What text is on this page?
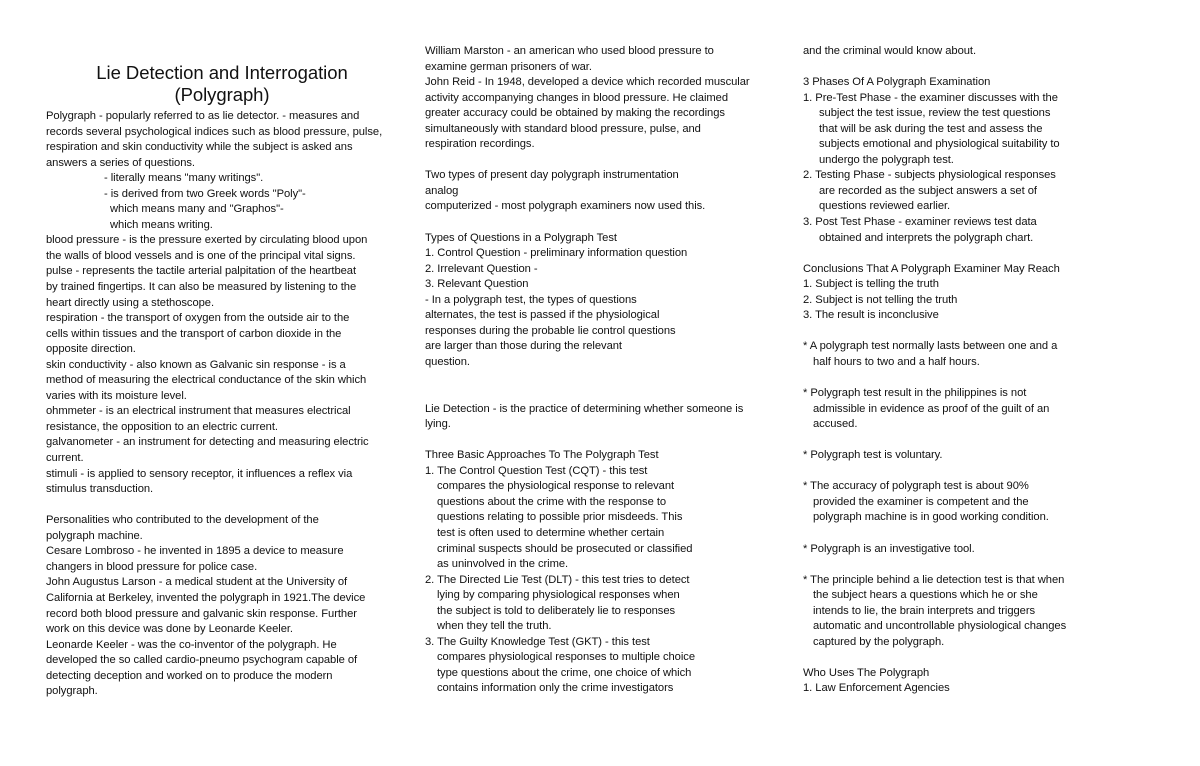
Lie Detection and Interrogation
(Polygraph)
Polygraph - popularly referred to as lie detector. - measures and
records several psychological indices such as blood pressure, pulse,
respiration and skin conductivity while the subject is asked ans
answers a series of questions.
- literally means "many writings".
- is derived from two Greek words "Poly"-
which means many and "Graphos"-
which means writing.
blood pressure - is the pressure exerted by circulating blood upon
the walls of blood vessels and is one of the principal vital signs.
pulse - represents the tactile arterial palpitation of the heartbeat
by trained fingertips. It can also be measured by listening to the
heart directly using a stethoscope.
respiration - the transport of oxygen from the outside air to the
cells within tissues and the transport of carbon dioxide in the
opposite direction.
skin conductivity - also known as Galvanic sin response - is a
method of measuring the electrical conductance of the skin which
varies with its moisture level.
ohmmeter - is an electrical instrument that measures electrical
resistance, the opposition to an electric current.
galvanometer - an instrument for detecting and measuring electric
current.
stimuli - is applied to sensory receptor, it influences a reflex via
stimulus transduction.
Personalities who contributed to the development of the
polygraph machine.
Cesare Lombroso - he invented in 1895 a device to measure
changers in blood pressure for police case.
John Augustus Larson - a medical student at the University of
California at Berkeley, invented the polygraph in 1921.The device
record both blood pressure and galvanic skin response. Further
work on this device was done by Leonarde Keeler.
Leonarde Keeler - was the co-inventor of the polygraph. He
developed the so called cardio-pneumo psychogram capable of
detecting deception and worked on to produce the modern
polygraph.
William Marston - an american who used blood pressure to
examine german prisoners of war.
John Reid - In 1948, developed a device which recorded muscular
activity accompanying changes in blood pressure. He claimed
greater accuracy could be obtained by making the recordings
simultaneously with standard blood pressure, pulse, and
respiration recordings.
Two types of present day polygraph instrumentation
analog
computerized - most polygraph examiners now used this.
Types of Questions in a Polygraph Test
1. Control Question - preliminary information question
2. Irrelevant Question -
3. Relevant Question
- In a polygraph test, the types of questions
alternates, the test is passed if the physiological
responses during the probable lie control questions
are larger than those during the relevant
question.
Lie Detection - is the practice of determining whether someone is
lying.
Three Basic Approaches To The Polygraph Test
1. The Control Question Test (CQT) - this test
compares the physiological response to relevant
questions about the crime with the response to
questions relating to possible prior misdeeds. This
test is often used to determine whether certain
criminal suspects should be prosecuted or classified
as uninvolved in the crime.
2. The Directed Lie Test (DLT) - this test tries to detect
lying by comparing physiological responses when
the subject is told to deliberately lie to responses
when they tell the truth.
3. The Guilty Knowledge Test (GKT) - this test
compares physiological responses to multiple choice
type questions about the crime, one choice of which
contains information only the crime investigators
and the criminal would know about.
3 Phases Of A Polygraph Examination
1. Pre-Test Phase - the examiner discusses with the
subject the test issue, review the test questions
that will be ask during the test and assess the
subjects emotional and physiological suitability to
undergo the polygraph test.
2. Testing Phase - subjects physiological responses
are recorded as the subject answers a set of
questions reviewed earlier.
3. Post Test Phase - examiner reviews test data
obtained and interprets the polygraph chart.
Conclusions That A Polygraph Examiner May Reach
1. Subject is telling the truth
2. Subject is not telling the truth
3. The result is inconclusive
* A polygraph test normally lasts between one and a
half hours to two and a half hours.
* Polygraph test result in the philippines is not
admissible in evidence as proof of the guilt of an
accused.
* Polygraph test is voluntary.
* The accuracy of polygraph test is about 90%
provided the examiner is competent and the
polygraph machine is in good working condition.
* Polygraph is an investigative tool.
* The principle behind a lie detection test is that when
the subject hears a questions which he or she
intends to lie, the brain interprets and triggers
automatic and uncontrollable physiological changes
captured by the polygraph.
Who Uses The Polygraph
1. Law Enforcement Agencies
